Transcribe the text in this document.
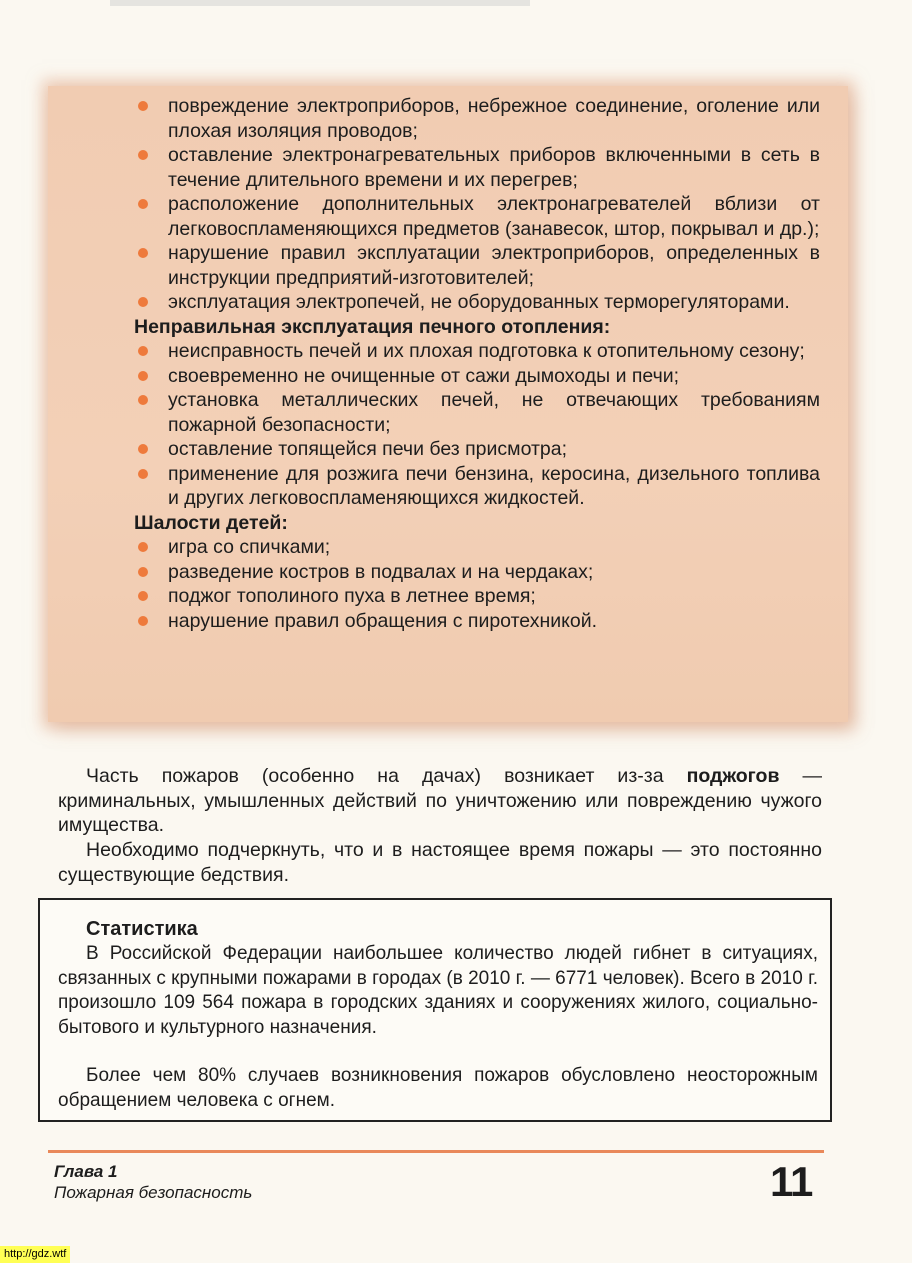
повреждение электроприборов, небрежное соединение, оголение или плохая изоляция проводов;
оставление электронагревательных приборов включенными в сеть в течение длительного времени и их перегрев;
расположение дополнительных электронагревателей вблизи от легковоспламеняющихся предметов (занавесок, штор, покрывал и др.);
нарушение правил эксплуатации электроприборов, определенных в инструкции предприятий-изготовителей;
эксплуатация электропечей, не оборудованных терморегуляторами.

Неправильная эксплуатация печного отопления:

неисправность печей и их плохая подготовка к отопительному сезону;
своевременно не очищенные от сажи дымоходы и печи;
установка металлических печей, не отвечающих требованиям пожарной безопасности;
оставление топящейся печи без присмотра;
применение для розжига печи бензина, керосина, дизельного топлива и других легковоспламеняющихся жидкостей.

Шалости детей:

игра со спичками;
разведение костров в подвалах и на чердаках;
поджог тополиного пуха в летнее время;
нарушение правил обращения с пиротехникой.

Часть пожаров (особенно на дачах) возникает из-за поджогов — криминальных, умышленных действий по уничтожению или повреждению чужого имущества.

Необходимо подчеркнуть, что и в настоящее время пожары — это постоянно существующие бедствия.

Статистика

В Российской Федерации наибольшее количество людей гибнет в ситуациях, связанных с крупными пожарами в городах (в 2010 г. — 6771 человек). Всего в 2010 г. произошло 109 564 пожара в городских зданиях и сооружениях жилого, социально-бытового и культурного назначения.

Более чем 80% случаев возникновения пожаров обусловлено неосторожным обращением человека с огнем.

Глава 1
Пожарная безопасность	11
http://gdz.wtf
